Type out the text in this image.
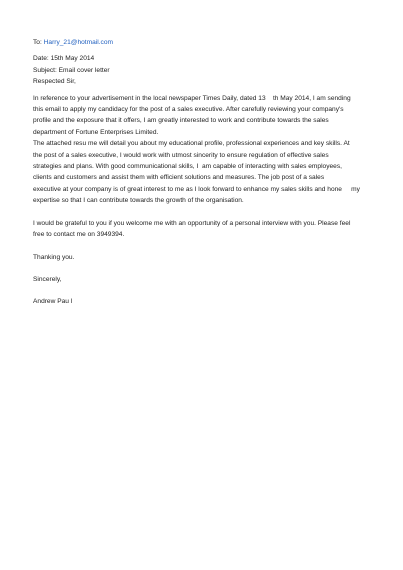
To: Harry_21@hotmail.com
Date: 15th May 2014
Subject: Email cover letter
Respected Sir,
In reference to your advertisement in the local newspaper Times Daily, dated 13    th May 2014, I am sending
this email to apply my candidacy for the post of a sales executive. After carefully reviewing your company's
profile and the exposure that it offers, I am greatly interested to work and contribute towards the sales
department of Fortune Enterprises Limited.
The attached resu me will detail you about my educational profile, professional experiences and key skills. At
the post of a sales executive, I would work with utmost sincerity to ensure regulation of effective sales
strategies and plans. With good communicational skills, I  am capable of interacting with sales employees,
clients and customers and assist them with efficient solutions and measures. The job post of a sales
executive at your company is of great interest to me as I look forward to enhance my sales skills and hone     my
expertise so that I can contribute towards the growth of the organisation.
I would be grateful to you if you welcome me with an opportunity of a personal interview with you. Please feel
free to contact me on 3949394.
Thanking you.
Sincerely,
Andrew Pau l
